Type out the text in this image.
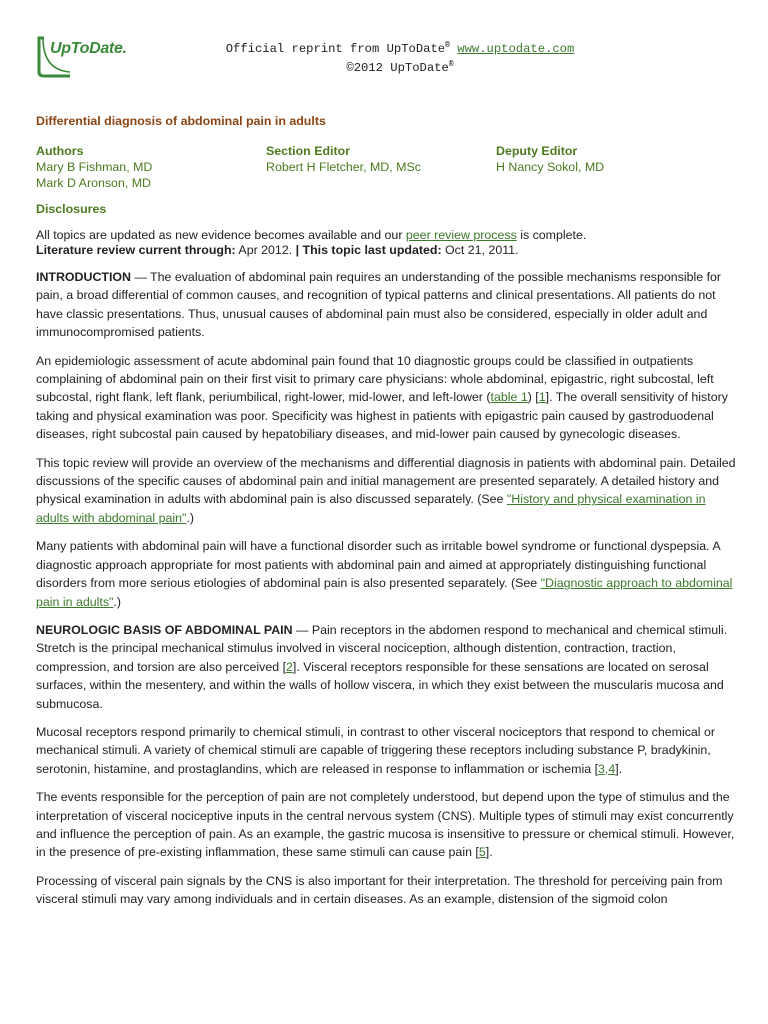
UpToDate.	Official reprint from UpToDate® www.uptodate.com
©2012 UpToDate®
Differential diagnosis of abdominal pain in adults
Authors
Mary B Fishman, MD
Mark D Aronson, MD
Section Editor
Robert H Fletcher, MD, MSc
Deputy Editor
H Nancy Sokol, MD
Disclosures
All topics are updated as new evidence becomes available and our peer review process is complete.
Literature review current through: Apr 2012. | This topic last updated: Oct 21, 2011.

INTRODUCTION — The evaluation of abdominal pain requires an understanding of the possible mechanisms responsible for pain, a broad differential of common causes, and recognition of typical patterns and clinical presentations. All patients do not have classic presentations. Thus, unusual causes of abdominal pain must also be considered, especially in older adult and immunocompromised patients.

An epidemiologic assessment of acute abdominal pain found that 10 diagnostic groups could be classified in outpatients complaining of abdominal pain on their first visit to primary care physicians: whole abdominal, epigastric, right subcostal, left subcostal, right flank, left flank, periumbilical, right-lower, mid-lower, and left-lower (table 1) [1]. The overall sensitivity of history taking and physical examination was poor. Specificity was highest in patients with epigastric pain caused by gastroduodenal diseases, right subcostal pain caused by hepatobiliary diseases, and mid-lower pain caused by gynecologic diseases.

This topic review will provide an overview of the mechanisms and differential diagnosis in patients with abdominal pain. Detailed discussions of the specific causes of abdominal pain and initial management are presented separately. A detailed history and physical examination in adults with abdominal pain is also discussed separately. (See "History and physical examination in adults with abdominal pain".)

Many patients with abdominal pain will have a functional disorder such as irritable bowel syndrome or functional dyspepsia. A diagnostic approach appropriate for most patients with abdominal pain and aimed at appropriately distinguishing functional disorders from more serious etiologies of abdominal pain is also presented separately. (See "Diagnostic approach to abdominal pain in adults".)

NEUROLOGIC BASIS OF ABDOMINAL PAIN — Pain receptors in the abdomen respond to mechanical and chemical stimuli. Stretch is the principal mechanical stimulus involved in visceral nociception, although distention, contraction, traction, compression, and torsion are also perceived [2]. Visceral receptors responsible for these sensations are located on serosal surfaces, within the mesentery, and within the walls of hollow viscera, in which they exist between the muscularis mucosa and submucosa.

Mucosal receptors respond primarily to chemical stimuli, in contrast to other visceral nociceptors that respond to chemical or mechanical stimuli. A variety of chemical stimuli are capable of triggering these receptors including substance P, bradykinin, serotonin, histamine, and prostaglandins, which are released in response to inflammation or ischemia [3,4].

The events responsible for the perception of pain are not completely understood, but depend upon the type of stimulus and the interpretation of visceral nociceptive inputs in the central nervous system (CNS). Multiple types of stimuli may exist concurrently and influence the perception of pain. As an example, the gastric mucosa is insensitive to pressure or chemical stimuli. However, in the presence of pre-existing inflammation, these same stimuli can cause pain [5].

Processing of visceral pain signals by the CNS is also important for their interpretation. The threshold for perceiving pain from visceral stimuli may vary among individuals and in certain diseases. As an example, distension of the sigmoid colon
